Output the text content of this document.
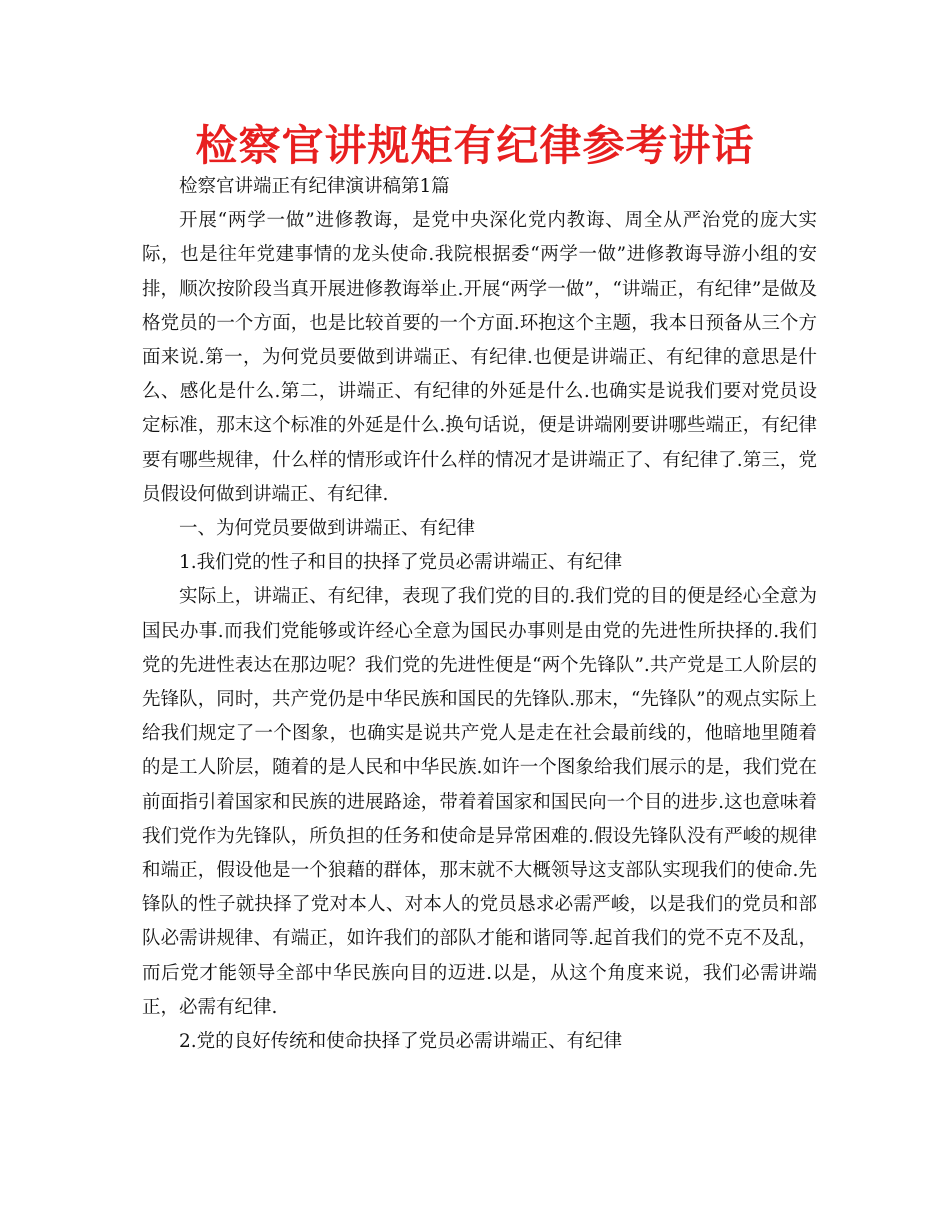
检察官讲规矩有纪律参考讲话

检察官讲端正有纪律演讲稿第1篇

开展“两学一做”进修教诲，是党中央深化党内教诲、周全从严治党的庞大实际，也是往年党建事情的龙头使命.我院根据委“两学一做”进修教诲导游小组的安排，顺次按阶段当真开展进修教诲举止.开展“两学一做”，“讲端正，有纪律”是做及格党员的一个方面，也是比较首要的一个方面.环抱这个主题，我本日预备从三个方面来说.第一，为何党员要做到讲端正、有纪律.也便是讲端正、有纪律的意思是什么、感化是什么.第二，讲端正、有纪律的外延是什么.也确实是说我们要对党员设定标准，那末这个标准的外延是什么.换句话说，便是讲端刚要讲哪些端正，有纪律要有哪些规律，什么样的情形或许什么样的情况才是讲端正了、有纪律了.第三，党员假设何做到讲端正、有纪律.

一、为何党员要做到讲端正、有纪律

1.我们党的性子和目的抉择了党员必需讲端正、有纪律

实际上，讲端正、有纪律，表现了我们党的目的.我们党的目的便是经心全意为国民办事.而我们党能够或许经心全意为国民办事则是由党的先进性所抉择的.我们党的先进性表达在那边呢？我们党的先进性便是“两个先锋队”.共产党是工人阶层的先锋队，同时，共产党仍是中华民族和国民的先锋队.那末，“先锋队”的观点实际上给我们规定了一个图象，也确实是说共产党人是走在社会最前线的，他暗地里随着的是工人阶层，随着的是人民和中华民族.如许一个图象给我们展示的是，我们党在前面指引着国家和民族的进展路途，带着着国家和国民向一个目的进步.这也意味着我们党作为先锋队，所负担的任务和使命是异常困难的.假设先锋队没有严峻的规律和端正，假设他是一个狼藉的群体，那末就不大概领导这支部队实现我们的使命.先锋队的性子就抉择了党对本人、对本人的党员恳求必需严峻，以是我们的党员和部队必需讲规律、有端正，如许我们的部队才能和谐同等.起首我们的党不克不及乱，而后党才能领导全部中华民族向目的迈进.以是，从这个角度来说，我们必需讲端正，必需有纪律.

2.党的良好传统和使命抉择了党员必需讲端正、有纪律
